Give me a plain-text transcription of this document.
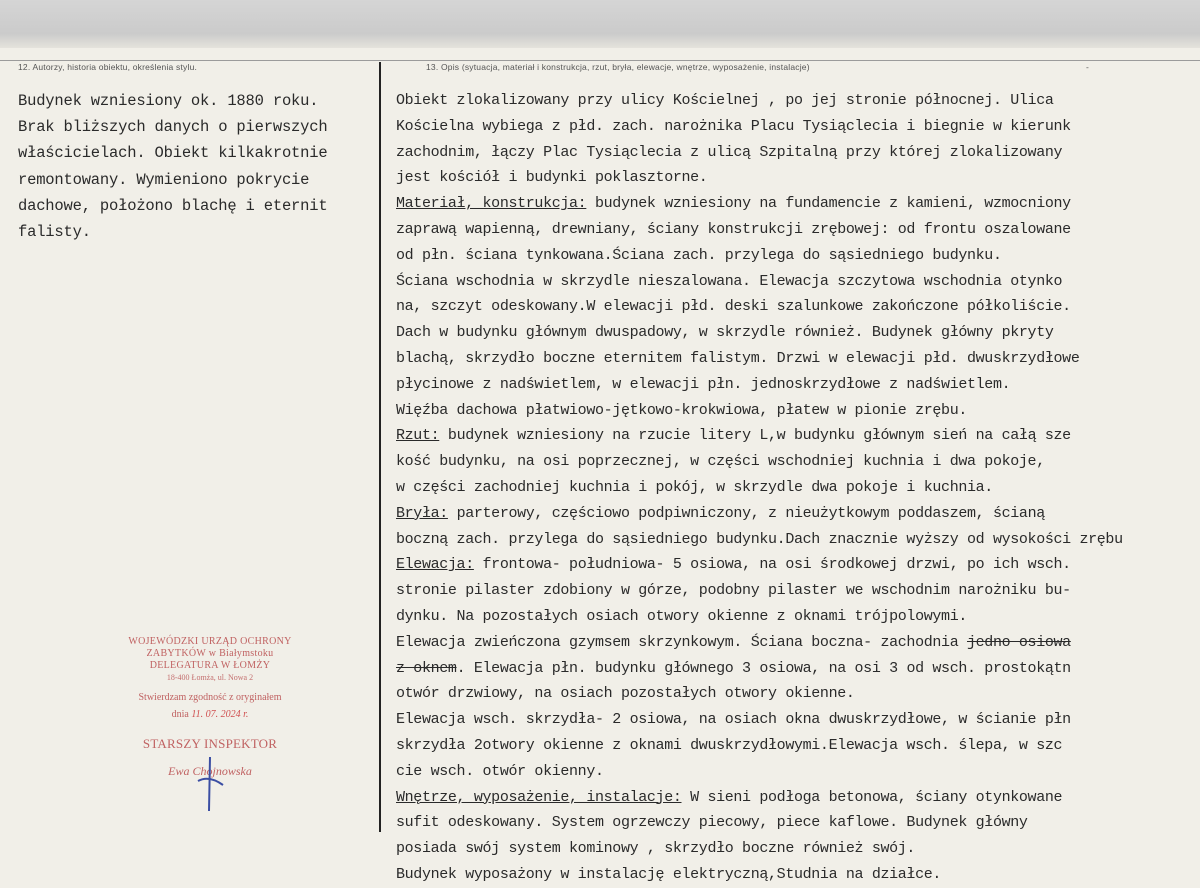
12. Autorzy, historia obiektu, określenia stylu.	13. Opis (sytuacja, materiał i konstrukcja, rzut, bryła, elewacje, wnętrze, wyposażenie, instalacje)	-
Budynek wzniesiony ok. 1880 roku.
Brak bliższych danych o pierwszych
właścicielach. Obiekt kilkakrotnie
remontowany. Wymieniono pokrycie
dachowe, położono blachę i eternit
falisty.
Obiekt zlokalizowany przy ulicy Kościelnej , po jej stronie północnej. Ulica
Kościelna wybiega z płd. zach. narożnika Placu Tysiąclecia i biegnie w kierunk
zachodnim, łączy Plac Tysiąclecia z ulicą Szpitalną przy której zlokalizowany
jest kościół i budynki poklasztorne.
Materiał, konstrukcja: budynek wzniesiony na fundamencie z kamieni, wzmocniony
zaprawą wapienną, drewniany, ściany konstrukcji zrębowej: od frontu oszalowane
od płn. ściana tynkowana.Ściana zach. przylega do sąsiedniego budynku.
Ściana wschodnia w skrzydle nieszalowana. Elewacja szczytowa wschodnia otynko
na, szczyt odeskowany.W elewacji płd. deski szalunkowe zakończone półkoliście.
Dach w budynku głównym dwuspadowy, w skrzydle również. Budynek główny pkryty
blachą, skrzydło boczne eternitem falistym. Drzwi w elewacji płd. dwuskrzydłowe
płycinowe z nadświetlem, w elewacji płn. jednoskrzydłowe z nadświetlem.
Więźba dachowa płatwiowo-jętkowo-krokwiowa, płatew w pionie zrębu.
Rzut: budynek wzniesiony na rzucie litery L,w budynku głównym sień na całą sze
kość budynku, na osi poprzecznej, w części wschodniej kuchnia i dwa pokoje,
w części zachodniej kuchnia i pokój, w skrzydle dwa pokoje i kuchnia.
Bryła: parterowy, częściowo podpiwniczony, z nieużytkowym poddaszem, ścianą
boczną zach. przylega do sąsiedniego budynku.Dach znacznie wyższy od wysokości zrębu
Elewacja: frontowa- południowa- 5 osiowa, na osi środkowej drzwi, po ich wsch.
stronie pilaster zdobiony w górze, podobny pilaster we wschodnim narożniku bu-
dynku. Na pozostałych osiach otwory okienne z oknami trójpolowymi.
Elewacja zwieńczona gzymsem skrzynkowym. Ściana boczna- zachodnia jedno osiowa
z oknem. Elewacja płn. budynku głównego 3 osiowa, na osi 3 od wsch. prostokątn
otwór drzwiowy, na osiach pozostałych otwory okienne.
Elewacja wsch. skrzydła- 2 osiowa, na osiach okna dwuskrzydłowe, w ścianie płn
skrzydła 2otwory okienne z oknami dwuskrzydłowymi.Elewacja wsch. ślepa, w szc
cie wsch. otwór okienny.
Wnętrze, wyposażenie, instalacje: W sieni podłoga betonowa, ściany otynkowane
sufit odeskowany. System ogrzewczy piecowy, piece kaflowe. Budynek główny
posiada swój system kominowy , skrzydło boczne również swój.
Budynek wyposażony w instalację elektryczną,Studnia na działce.
WOJEWÓDZKI URZĄD OCHRONY
ZABYTKÓW w Białymstoku
DELEGATURA W ŁOMŻY
18-400 Łomża, ul. Nowa 2
Stwierdzam zgodność z oryginałem
dnia 11. 07. 2024 r.
STARSZY INSPEKTOR
Ewa Chojnowska
